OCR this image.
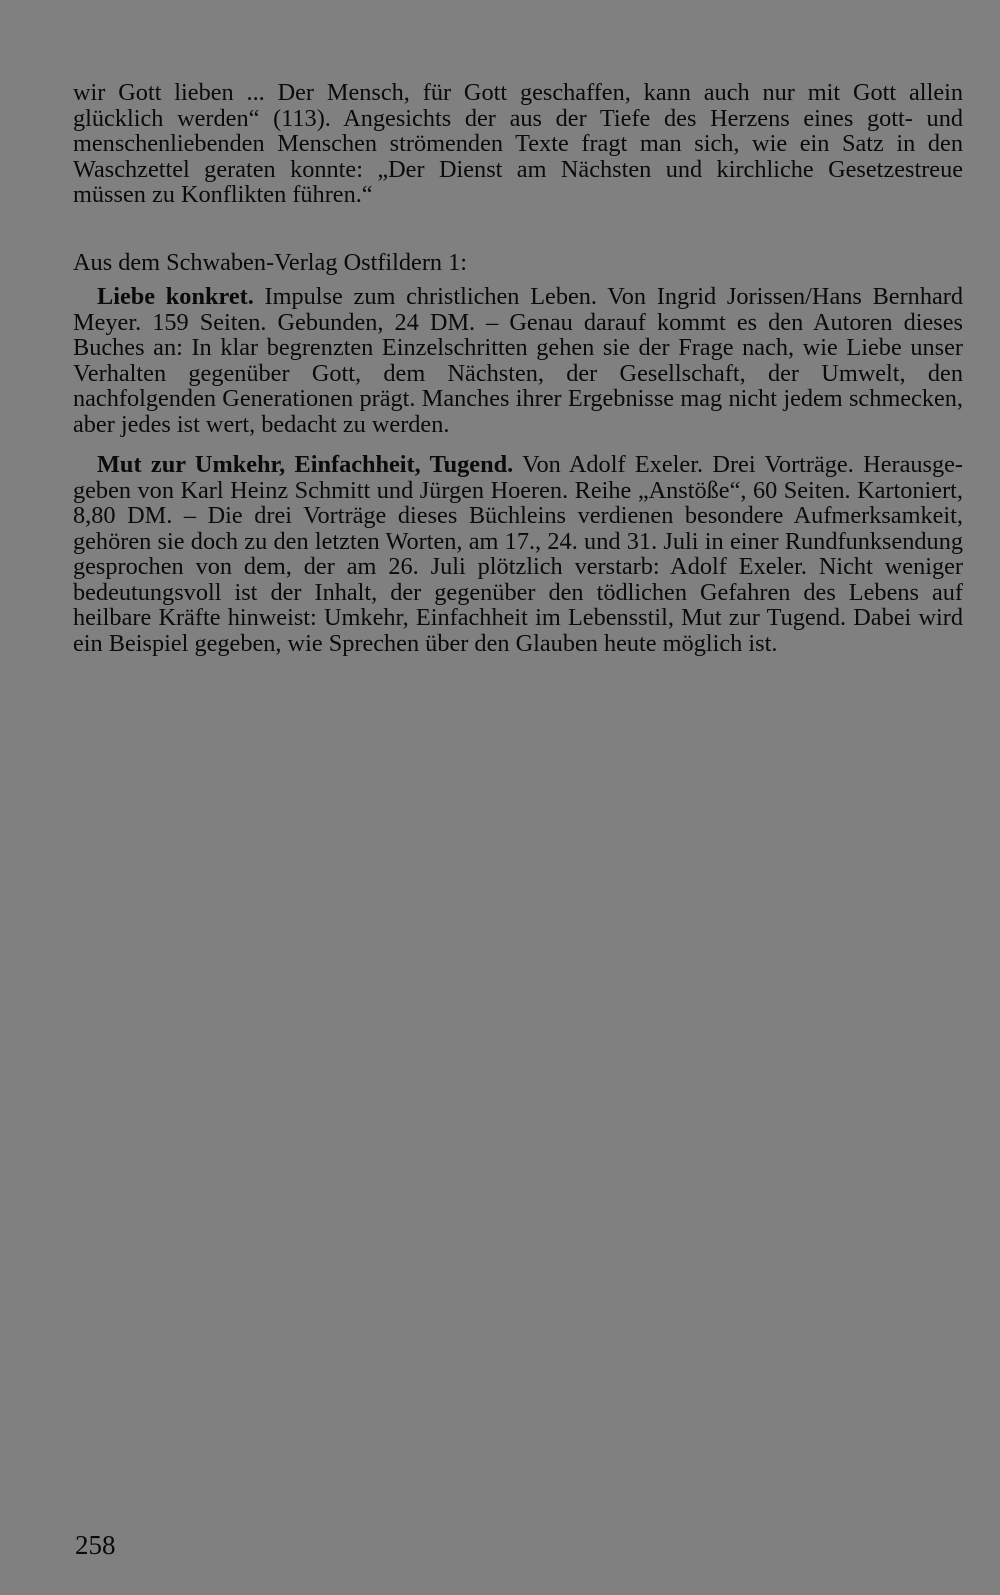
wir Gott lieben ... Der Mensch, für Gott geschaffen, kann auch nur mit Gott allein glücklich werden“ (113). Angesichts der aus der Tiefe des Herzens eines gott- und menschenliebenden Menschen strömenden Texte fragt man sich, wie ein Satz in den Waschzettel geraten konnte: „Der Dienst am Nächsten und kirchliche Gesetzestreue müssen zu Konflikten führen.“

Aus dem Schwaben-Verlag Ostfildern 1:

Liebe konkret. Impulse zum christlichen Leben. Von Ingrid Jorissen/Hans Bernhard Meyer. 159 Seiten. Gebunden, 24 DM. – Genau darauf kommt es den Autoren dieses Buches an: In klar begrenzten Einzelschritten gehen sie der Frage nach, wie Liebe unser Verhalten gegenüber Gott, dem Nächsten, der Gesellschaft, der Umwelt, den nachfolgenden Generationen prägt. Manches ihrer Ergebnisse mag nicht jedem schmecken, aber jedes ist wert, bedacht zu werden.

Mut zur Umkehr, Einfachheit, Tugend. Von Adolf Exeler. Drei Vorträge. Herausgegeben von Karl Heinz Schmitt und Jürgen Hoeren. Reihe „Anstöße“, 60 Seiten. Kartoniert, 8,80 DM. – Die drei Vorträge dieses Büchleins verdienen besondere Aufmerksamkeit, gehören sie doch zu den letzten Worten, am 17., 24. und 31. Juli in einer Rundfunksendung gesprochen von dem, der am 26. Juli plötzlich verstarb: Adolf Exeler. Nicht weniger bedeutungsvoll ist der Inhalt, der gegenüber den tödlichen Gefahren des Lebens auf heilbare Kräfte hinweist: Umkehr, Einfachheit im Lebensstil, Mut zur Tugend. Dabei wird ein Beispiel gegeben, wie Sprechen über den Glauben heute möglich ist.

258
